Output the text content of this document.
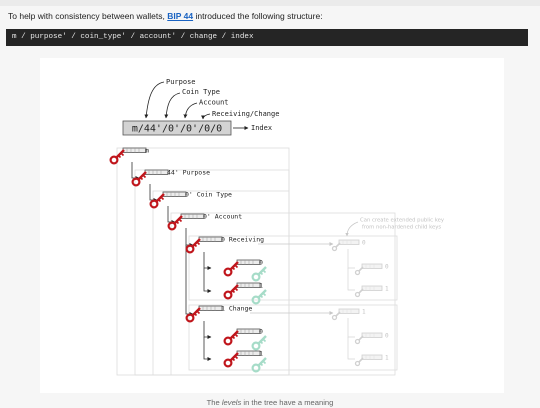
To help with consistency between wallets, BIP 44 introduced the following structure:

m / purpose' / coin_type' / account' / change / index
m/44'/0'/0'/0/0
Purpose
Coin Type
Account
Receiving/Change
Index
m
44' Purpose
0' Coin Type
0' Account
0 Receiving
0
1
1 Change
0
1
Can create extended public key
from non-hardened child keys
0
0
1
1
0
1
The levels in the tree have a meaning
